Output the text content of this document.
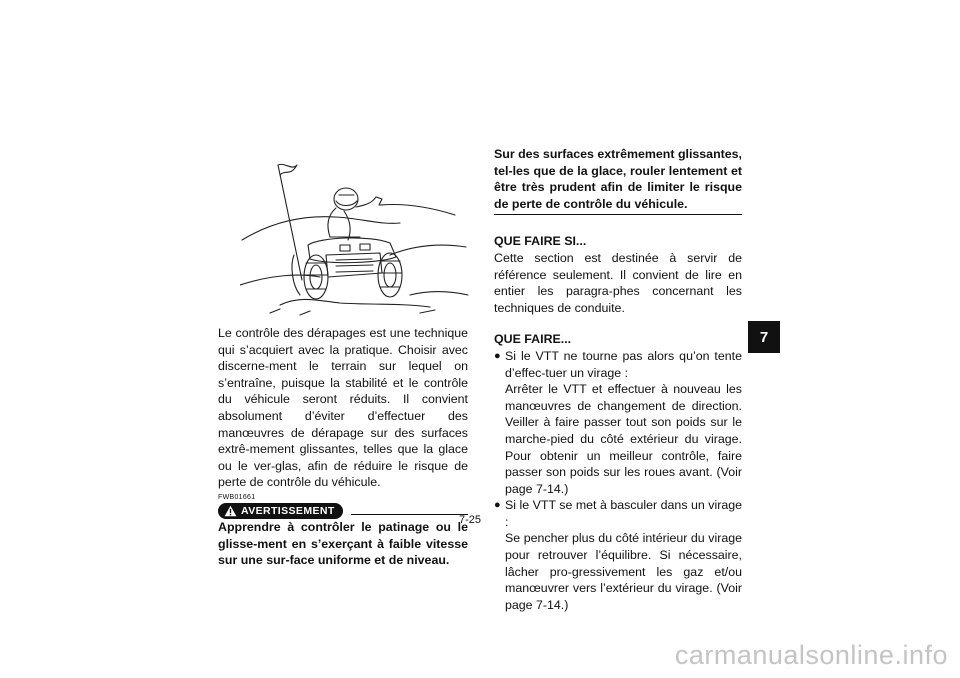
Le contrôle des dérapages est une technique qui s’acquiert avec la pratique. Choisir avec discerne-ment le terrain sur lequel on s’entraîne, puisque la stabilité et le contrôle du véhicule seront réduits. Il convient absolument d’éviter d’effectuer des manœuvres de dérapage sur des surfaces extrê-mement glissantes, telles que la glace ou le ver-glas, afin de réduire le risque de perte de contrôle du véhicule.

FWB01661
AVERTISSEMENT

Apprendre à contrôler le patinage ou le glisse-ment en s’exerçant à faible vitesse sur une sur-face uniforme et de niveau.

Sur des surfaces extrêmement glissantes, tel-les que de la glace, rouler lentement et être très prudent afin de limiter le risque de perte de contrôle du véhicule.

QUE FAIRE SI...

Cette section est destinée à servir de référence seulement. Il convient de lire en entier les paragra-phes concernant les techniques de conduite.

QUE FAIRE...
● Si le VTT ne tourne pas alors qu’on tente d’effec-tuer un virage :
Arrêter le VTT et effectuer à nouveau les manœuvres de changement de direction. Veiller à faire passer tout son poids sur le marche-pied du côté extérieur du virage. Pour obtenir un meilleur contrôle, faire passer son poids sur les roues avant. (Voir page 7-14.)
● Si le VTT se met à basculer dans un virage :
Se pencher plus du côté intérieur du virage pour retrouver l’équilibre. Si nécessaire, lâcher pro-gressivement les gaz et/ou manœuvrer vers l’extérieur du virage. (Voir page 7-14.)
7
7-25
carmanualsonline.info
